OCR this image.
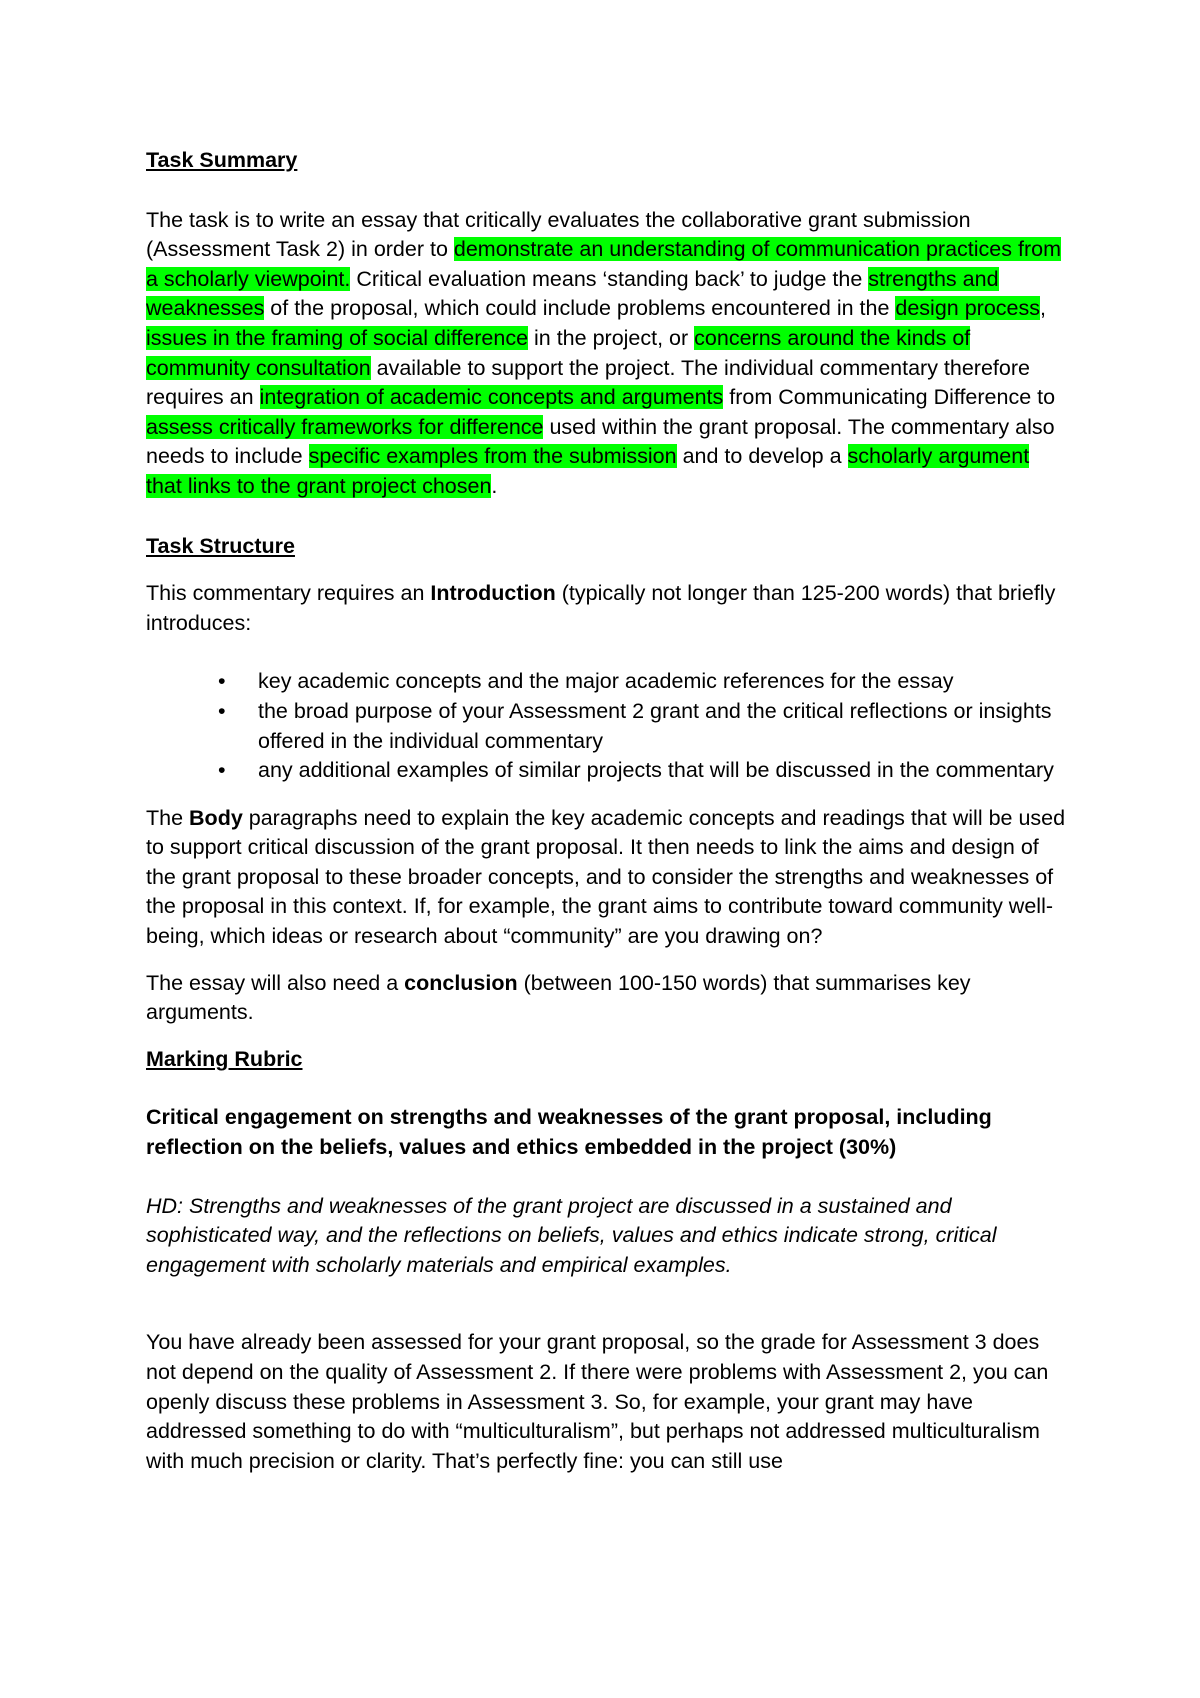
Task Summary

The task is to write an essay that critically evaluates the collaborative grant submission (Assessment Task 2) in order to demonstrate an understanding of communication practices from a scholarly viewpoint. Critical evaluation means ‘standing back’ to judge the strengths and weaknesses of the proposal, which could include problems encountered in the design process, issues in the framing of social difference in the project, or concerns around the kinds of community consultation available to support the project. The individual commentary therefore requires an integration of academic concepts and arguments from Communicating Difference to assess critically frameworks for difference used within the grant proposal. The commentary also needs to include specific examples from the submission and to develop a scholarly argument that links to the grant project chosen.

Task Structure

This commentary requires an Introduction (typically not longer than 125-200 words) that briefly introduces:

• key academic concepts and the major academic references for the essay
• the broad purpose of your Assessment 2 grant and the critical reflections or insights offered in the individual commentary
• any additional examples of similar projects that will be discussed in the commentary

The Body paragraphs need to explain the key academic concepts and readings that will be used to support critical discussion of the grant proposal. It then needs to link the aims and design of the grant proposal to these broader concepts, and to consider the strengths and weaknesses of the proposal in this context. If, for example, the grant aims to contribute toward community well-being, which ideas or research about “community” are you drawing on?

The essay will also need a conclusion (between 100-150 words) that summarises key arguments.

Marking Rubric

Critical engagement on strengths and weaknesses of the grant proposal, including reflection on the beliefs, values and ethics embedded in the project (30%)

HD: Strengths and weaknesses of the grant project are discussed in a sustained and sophisticated way, and the reflections on beliefs, values and ethics indicate strong, critical engagement with scholarly materials and empirical examples.

You have already been assessed for your grant proposal, so the grade for Assessment 3 does not depend on the quality of Assessment 2. If there were problems with Assessment 2, you can openly discuss these problems in Assessment 3. So, for example, your grant may have addressed something to do with “multiculturalism”, but perhaps not addressed multiculturalism with much precision or clarity. That’s perfectly fine: you can still use
